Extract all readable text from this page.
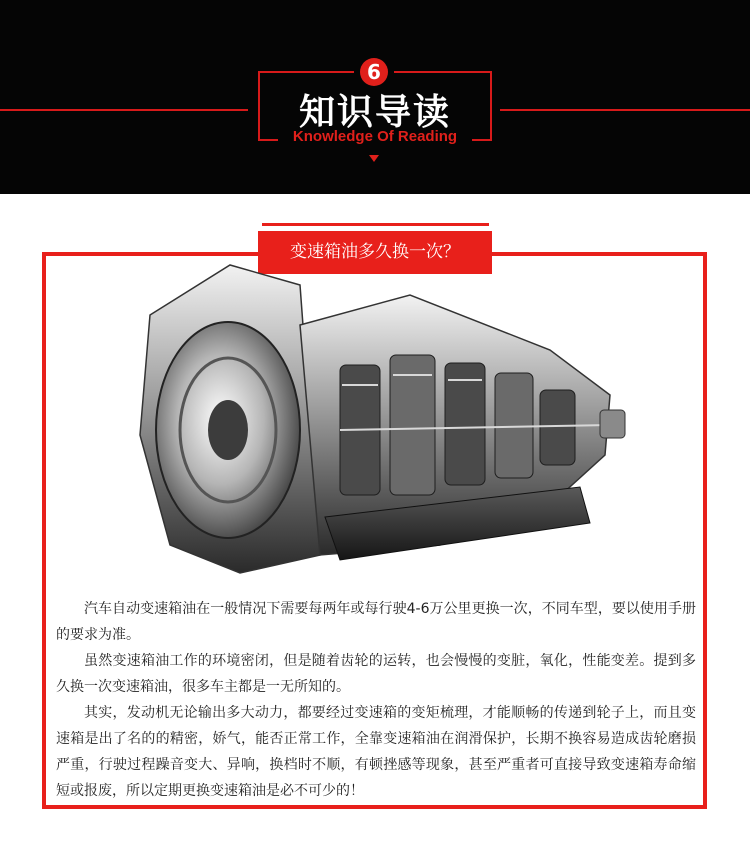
6
知识导读
Knowledge Of Reading
变速箱油多久换一次？

汽车自动变速箱油在一般情况下需要每两年或每行驶4-6万公里更换一次，不同车型，要以使用手册的要求为准。

虽然变速箱油工作的环境密闭，但是随着齿轮的运转，也会慢慢的变脏，氧化，性能变差。提到多久换一次变速箱油，很多车主都是一无所知的。

其实，发动机无论输出多大动力，都要经过变速箱的变矩梳理，才能顺畅的传递到轮子上，而且变速箱是出了名的的精密，娇气，能否正常工作，全靠变速箱油在润滑保护，长期不换容易造成齿轮磨损严重，行驶过程躁音变大、异响，换档时不顺，有顿挫感等现象，甚至严重者可直接导致变速箱寿命缩短或报废，所以定期更换变速箱油是必不可少的！
